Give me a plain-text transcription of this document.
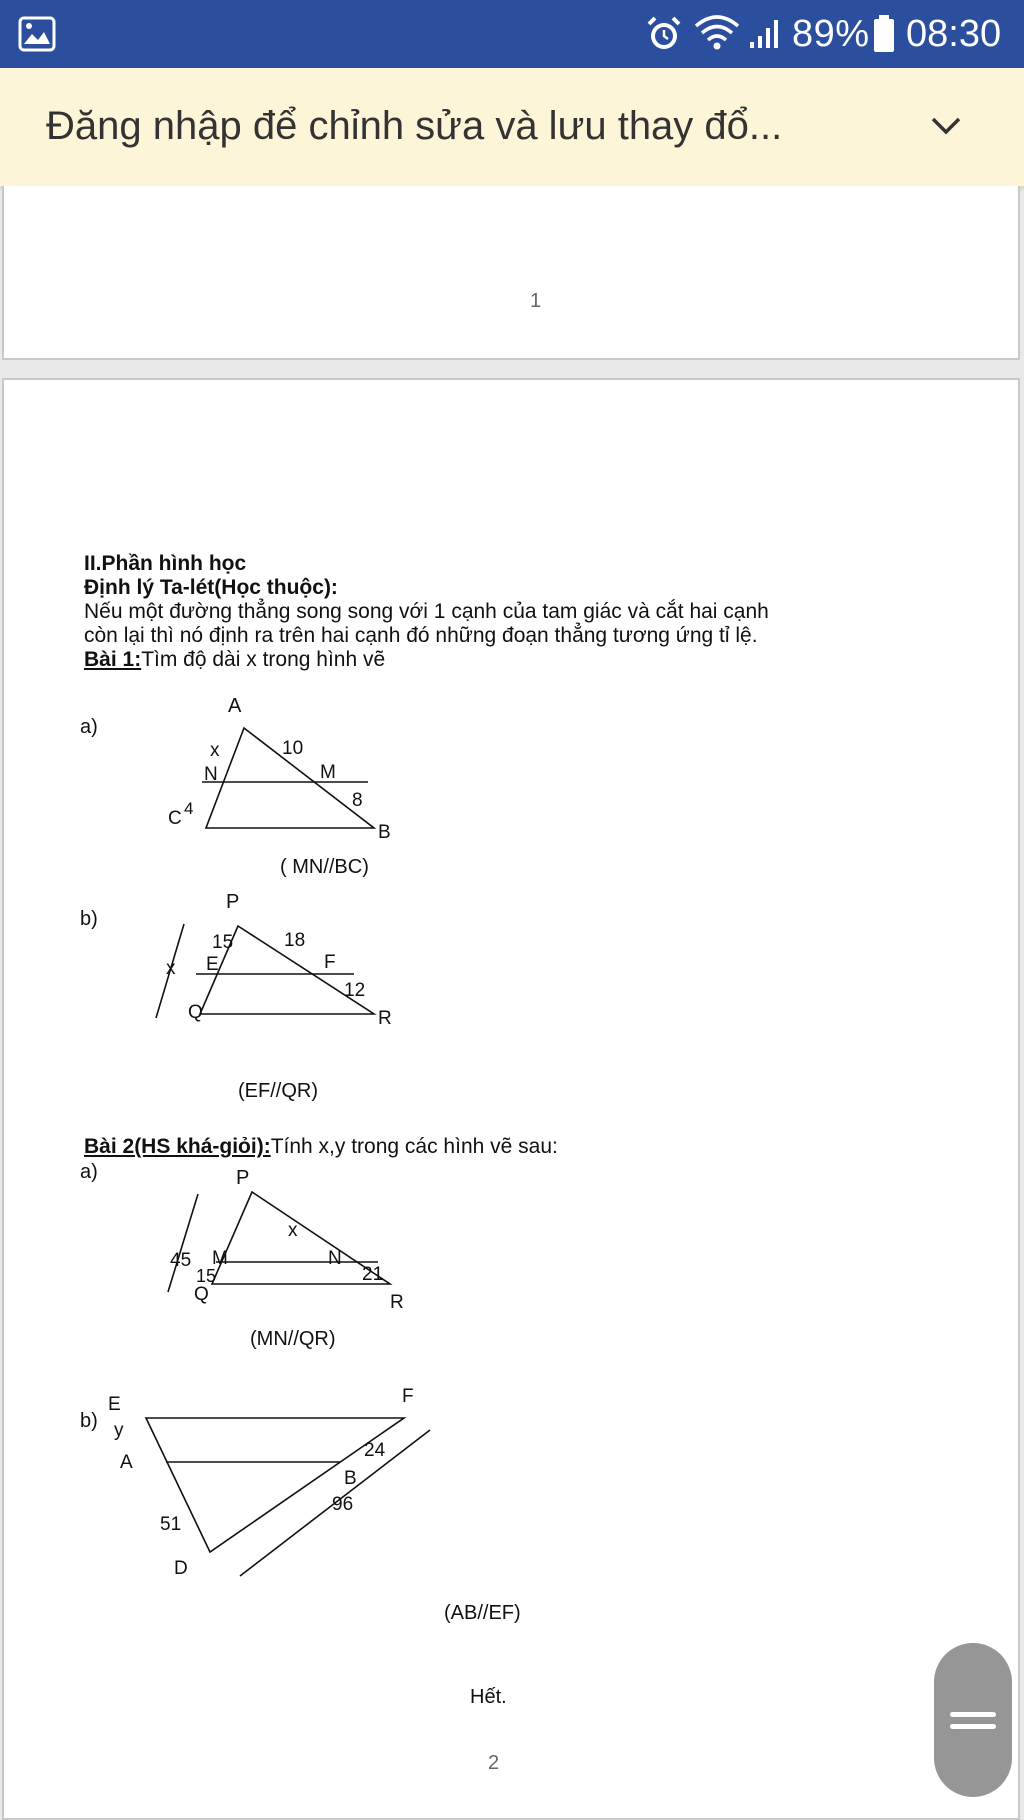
89% 08:30
Đăng nhập để chỉnh sửa và lưu thay đổ...
1
II.Phần hình học
Định lý Ta-lét(Học thuộc):
Nếu một đường thẳng song song với 1 cạnh của tam giác và cắt hai cạnh
còn lại thì nó định ra trên hai cạnh đó những đoạn thẳng tương ứng tỉ lệ.
Bài 1:Tìm độ dài x trong hình vẽ
a)
A
x	10
N	M
C 4	8
B
( MN//BC)
b)
P
15	18
x E	F
12
Q	R
(EF//QR)
Bài 2(HS khá-giỏi):Tính x,y trong các hình vẽ sau:
a)	P
x
45 M	N
15	21
Q	R
(MN//QR)
b)
E	F
y
A
24
B
96
51
D
(AB//EF)
Hết.
2
